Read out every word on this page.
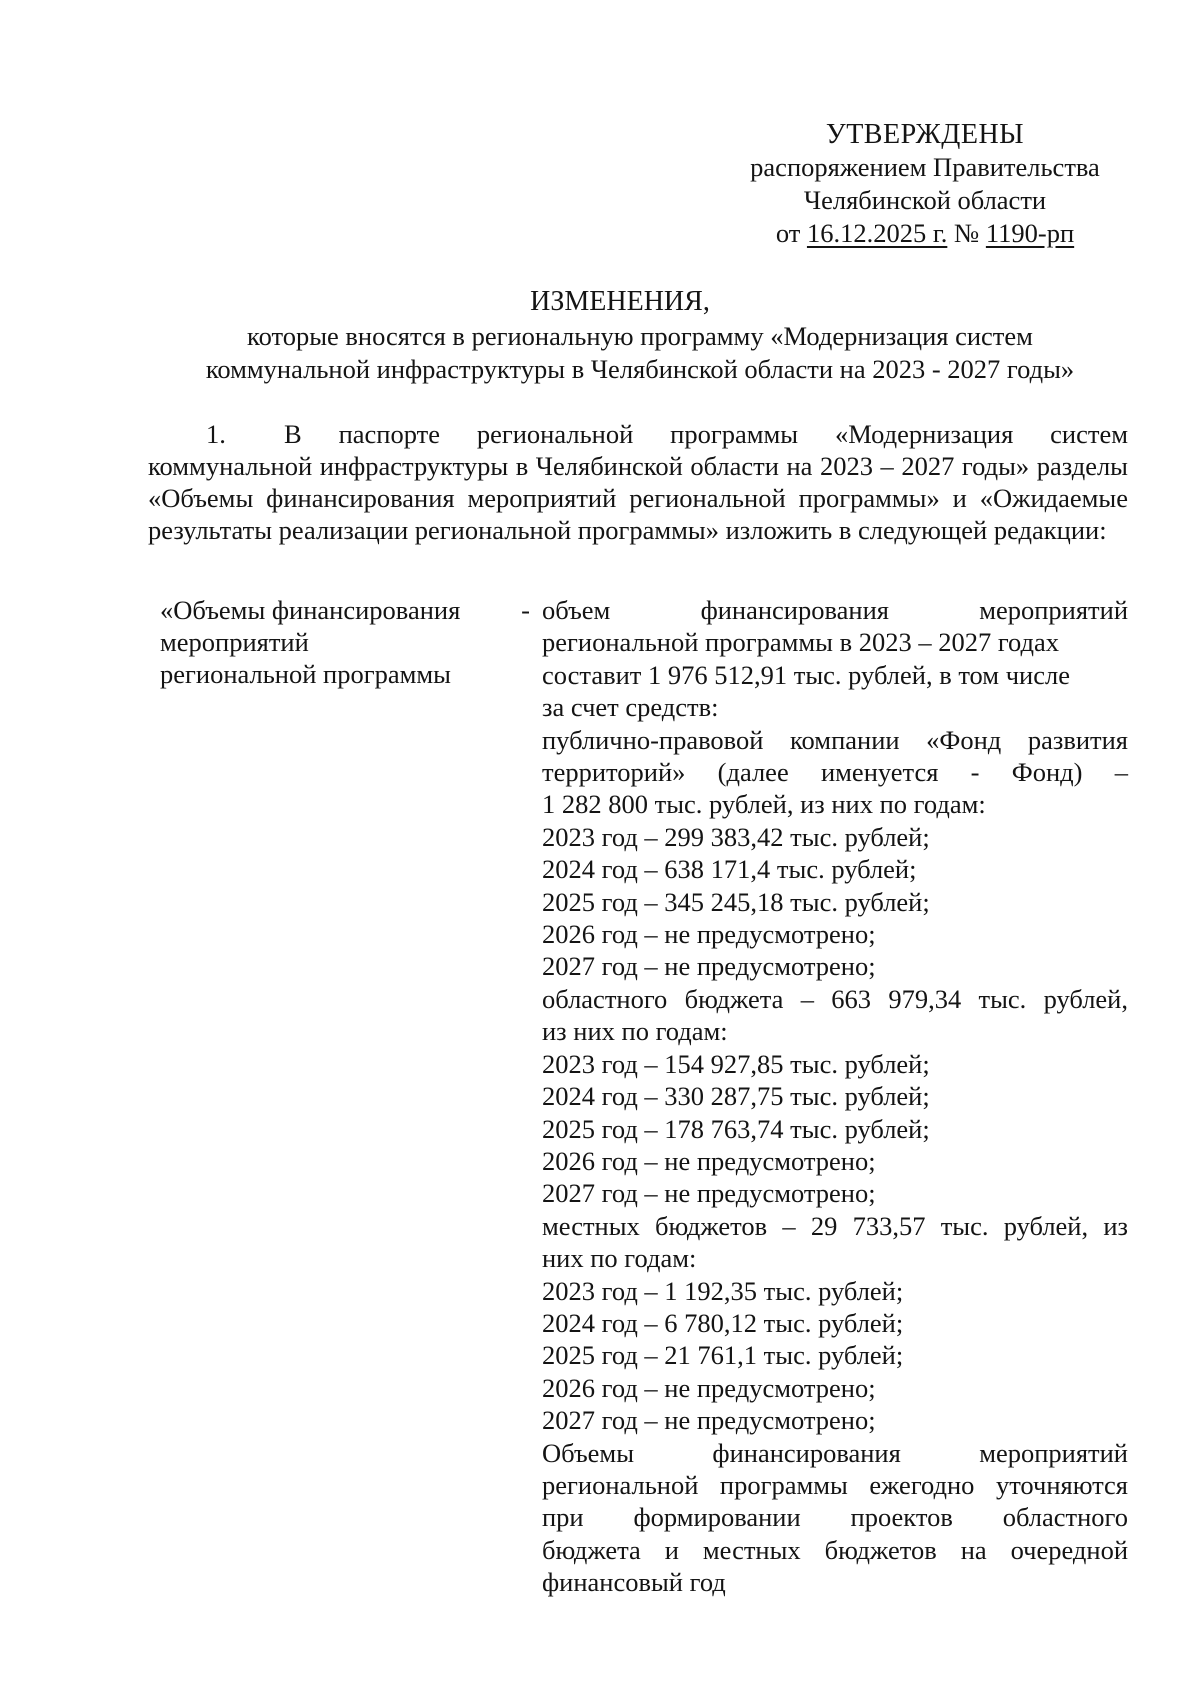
УТВЕРЖДЕНЫ
распоряжением Правительства
Челябинской области
от 16.12.2025 г. № 1190-рп
ИЗМЕНЕНИЯ,
которые вносятся в региональную программу «Модернизация систем
коммунальной инфраструктуры в Челябинской области на 2023 - 2027 годы»
1. В паспорте региональной программы «Модернизация систем коммунальной инфраструктуры в Челябинской области на 2023 – 2027 годы» разделы «Объемы финансирования мероприятий региональной программы» и «Ожидаемые результаты реализации региональной программы» изложить в следующей редакции:
«Объемы финансирования -
мероприятий
региональной программы
объем финансирования мероприятий
региональной программы в 2023 – 2027 годах
составит 1 976 512,91 тыс. рублей, в том числе
за счет средств:
публично-правовой компании «Фонд развития
территорий» (далее именуется - Фонд) –
1 282 800 тыс. рублей, из них по годам:
2023 год – 299 383,42 тыс. рублей;
2024 год – 638 171,4 тыс. рублей;
2025 год – 345 245,18 тыс. рублей;
2026 год – не предусмотрено;
2027 год – не предусмотрено;
областного бюджета – 663 979,34 тыс. рублей,
из них по годам:
2023 год – 154 927,85 тыс. рублей;
2024 год – 330 287,75 тыс. рублей;
2025 год – 178 763,74 тыс. рублей;
2026 год – не предусмотрено;
2027 год – не предусмотрено;
местных бюджетов – 29 733,57 тыс. рублей, из
них по годам:
2023 год – 1 192,35 тыс. рублей;
2024 год – 6 780,12 тыс. рублей;
2025 год – 21 761,1 тыс. рублей;
2026 год – не предусмотрено;
2027 год – не предусмотрено;
Объемы финансирования мероприятий
региональной программы ежегодно уточняются
при формировании проектов областного
бюджета и местных бюджетов на очередной
финансовый год
